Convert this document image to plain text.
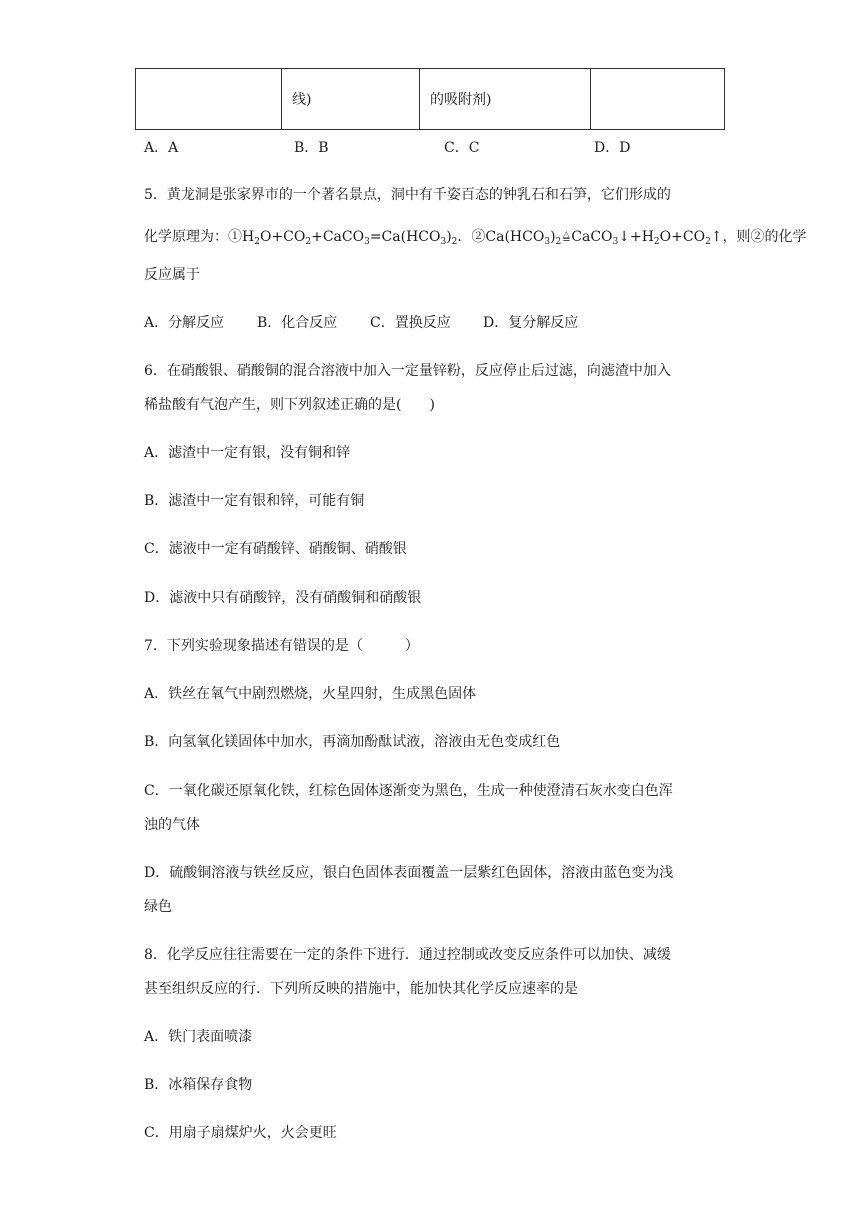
	线)	的吸附剂)	
A．A	B．B	C．C	D．D
5．黄龙洞是张家界市的一个著名景点，洞中有千姿百态的钟乳石和石笋，它们形成的
化学原理为：$①H_2O+CO_2+CaCO_3=Ca(HCO_3)_2$．$②Ca(HCO_3)_2\triangle$ = $CaCO_3↓+H_2O+CO_2↑$，则②的化学
反应属于
A．分解反应 B．化合反应 C．置换反应 D．复分解反应
6．在硝酸银、硝酸铜的混合溶液中加入一定量锌粉，反应停止后过滤，向滤渣中加入
稀盐酸有气泡产生，则下列叙述正确的是(　　)
A．滤渣中一定有银，没有铜和锌
B．滤渣中一定有银和锌，可能有铜
C．滤液中一定有硝酸锌、硝酸铜、硝酸银
D．滤液中只有硝酸锌，没有硝酸铜和硝酸银
7．下列实验现象描述有错误的是（　　　）
A．铁丝在氧气中剧烈燃烧，火星四射，生成黑色固体
B．向氢氧化镁固体中加水，再滴加酚酞试液，溶液由无色变成红色
C．一氧化碳还原氧化铁，红棕色固体逐渐变为黑色，生成一种使澄清石灰水变白色浑
浊的气体
D．硫酸铜溶液与铁丝反应，银白色固体表面覆盖一层紫红色固体，溶液由蓝色变为浅
绿色
8．化学反应往往需要在一定的条件下进行．通过控制或改变反应条件可以加快、减缓
甚至组织反应的行．下列所反映的措施中，能加快其化学反应速率的是
A．铁门表面喷漆
B．冰箱保存食物
C．用扇子扇煤炉火，火会更旺
